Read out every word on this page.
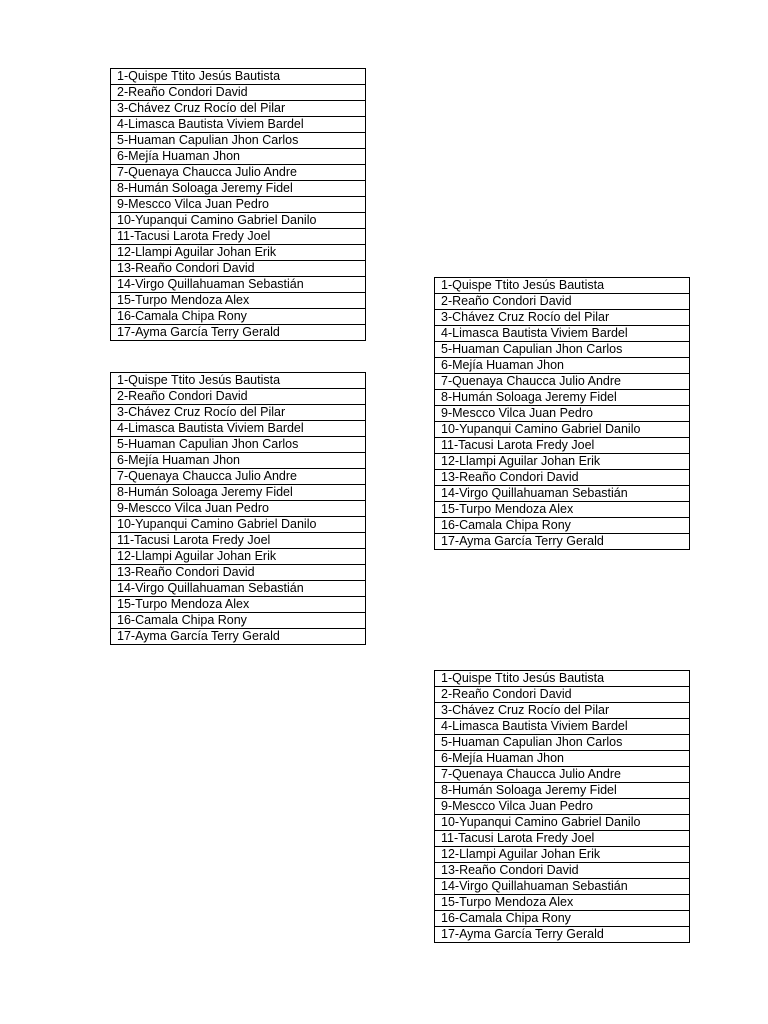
1-Quispe Ttito Jesús Bautista
2-Reaño Condori David
3-Chávez Cruz Rocío del Pilar
4-Limasca Bautista Viviem Bardel
5-Huaman Capulian Jhon Carlos
6-Mejía Huaman Jhon
7-Quenaya Chaucca Julio Andre
8-Humán Soloaga Jeremy Fidel
9-Mescco Vilca Juan Pedro
10-Yupanqui Camino Gabriel Danilo
11-Tacusi Larota Fredy Joel
12-Llampi Aguilar Johan Erik
13-Reaño Condori David
14-Virgo Quillahuaman Sebastián
15-Turpo Mendoza Alex
16-Camala Chipa Rony
17-Ayma García Terry Gerald
1-Quispe Ttito Jesús Bautista
2-Reaño Condori David
3-Chávez Cruz Rocío del Pilar
4-Limasca Bautista Viviem Bardel
5-Huaman Capulian Jhon Carlos
6-Mejía Huaman Jhon
7-Quenaya Chaucca Julio Andre
8-Humán Soloaga Jeremy Fidel
9-Mescco Vilca Juan Pedro
10-Yupanqui Camino Gabriel Danilo
11-Tacusi Larota Fredy Joel
12-Llampi Aguilar Johan Erik
13-Reaño Condori David
14-Virgo Quillahuaman Sebastián
15-Turpo Mendoza Alex
16-Camala Chipa Rony
17-Ayma García Terry Gerald
1-Quispe Ttito Jesús Bautista
2-Reaño Condori David
3-Chávez Cruz Rocío del Pilar
4-Limasca Bautista Viviem Bardel
5-Huaman Capulian Jhon Carlos
6-Mejía Huaman Jhon
7-Quenaya Chaucca Julio Andre
8-Humán Soloaga Jeremy Fidel
9-Mescco Vilca Juan Pedro
10-Yupanqui Camino Gabriel Danilo
11-Tacusi Larota Fredy Joel
12-Llampi Aguilar Johan Erik
13-Reaño Condori David
14-Virgo Quillahuaman Sebastián
15-Turpo Mendoza Alex
16-Camala Chipa Rony
17-Ayma García Terry Gerald
1-Quispe Ttito Jesús Bautista
2-Reaño Condori David
3-Chávez Cruz Rocío del Pilar
4-Limasca Bautista Viviem Bardel
5-Huaman Capulian Jhon Carlos
6-Mejía Huaman Jhon
7-Quenaya Chaucca Julio Andre
8-Humán Soloaga Jeremy Fidel
9-Mescco Vilca Juan Pedro
10-Yupanqui Camino Gabriel Danilo
11-Tacusi Larota Fredy Joel
12-Llampi Aguilar Johan Erik
13-Reaño Condori David
14-Virgo Quillahuaman Sebastián
15-Turpo Mendoza Alex
16-Camala Chipa Rony
17-Ayma García Terry Gerald
